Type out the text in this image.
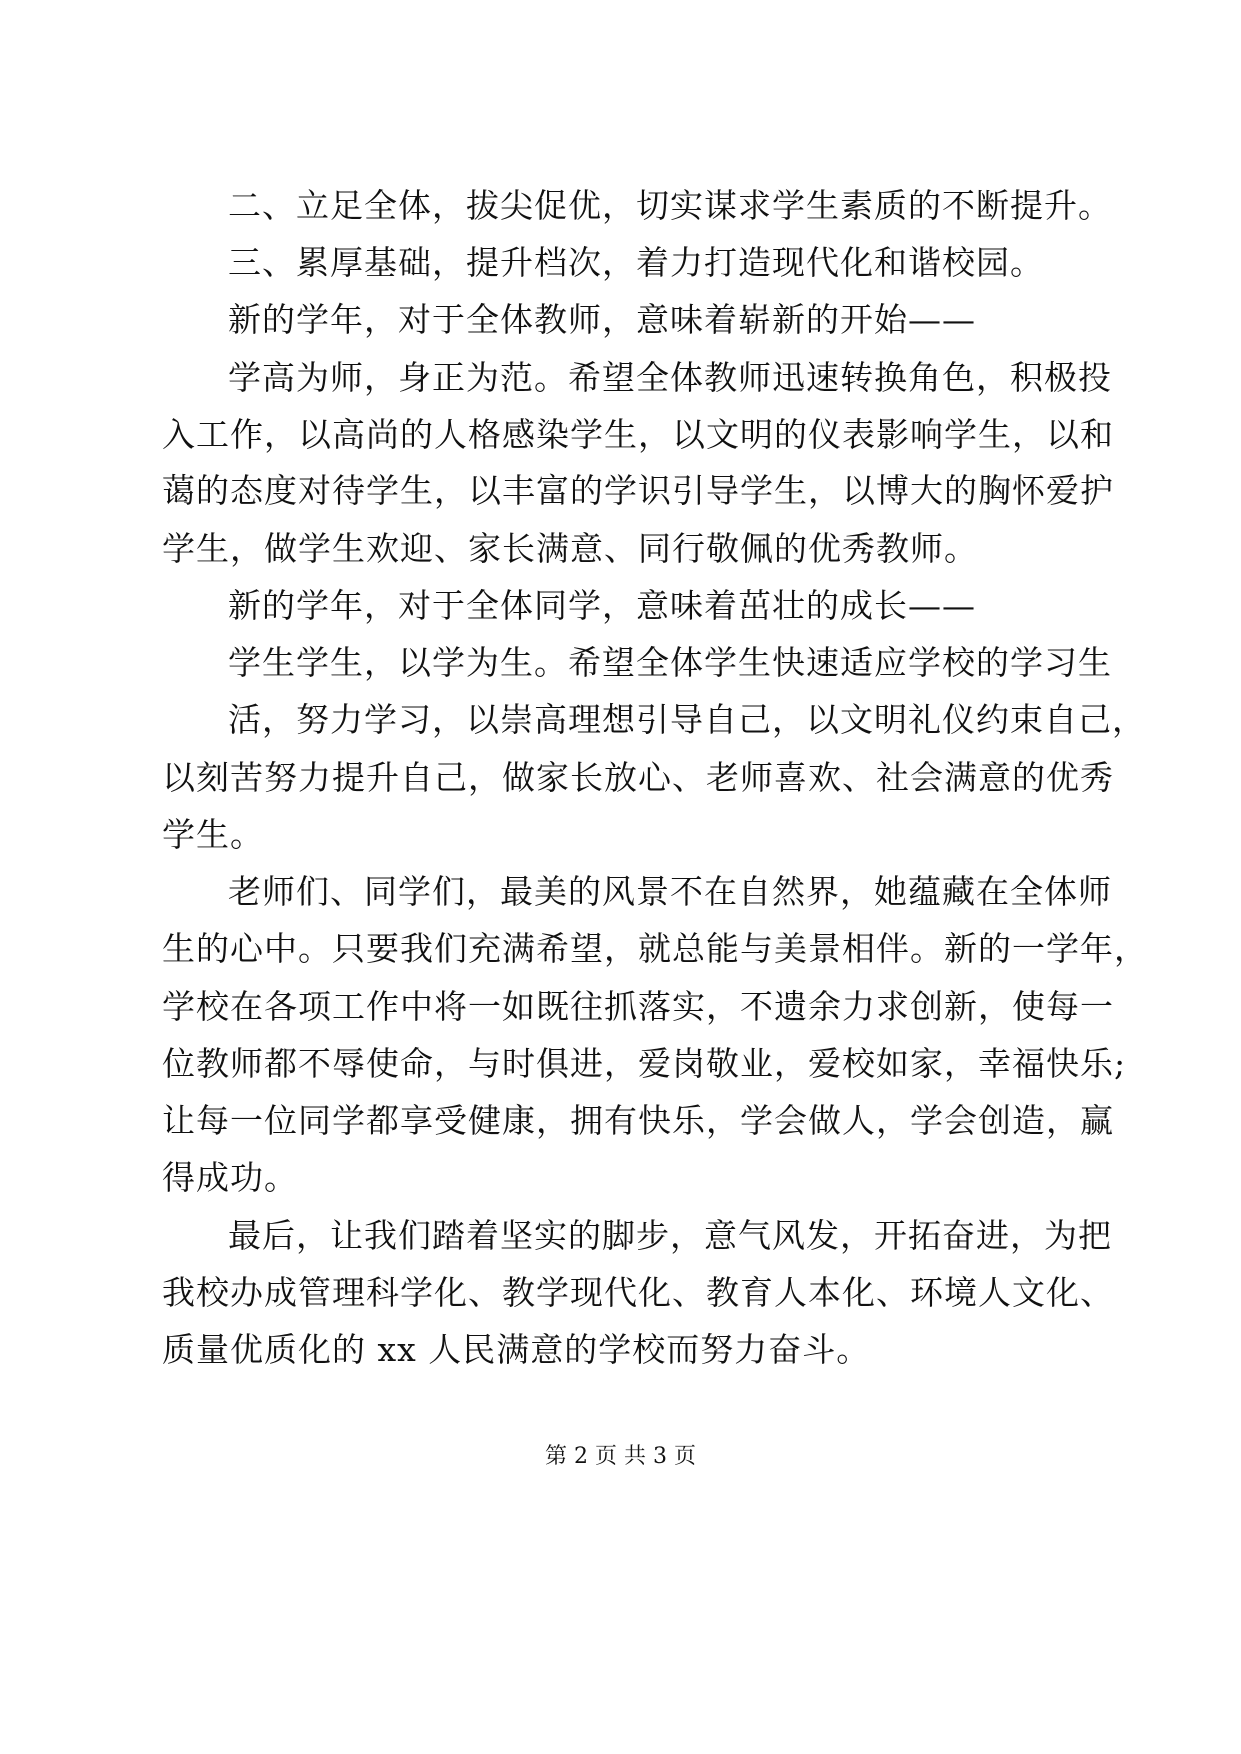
二、立足全体，拔尖促优，切实谋求学生素质的不断提升。
三、累厚基础，提升档次，着力打造现代化和谐校园。
新的学年，对于全体教师，意味着崭新的开始——
学高为师，身正为范。希望全体教师迅速转换角色，积极投
入工作，以高尚的人格感染学生，以文明的仪表影响学生，以和
蔼的态度对待学生，以丰富的学识引导学生，以博大的胸怀爱护
学生，做学生欢迎、家长满意、同行敬佩的优秀教师。
新的学年，对于全体同学，意味着茁壮的成长——
学生学生，以学为生。希望全体学生快速适应学校的学习生
活，努力学习，以崇高理想引导自己，以文明礼仪约束自己，
以刻苦努力提升自己，做家长放心、老师喜欢、社会满意的优秀
学生。
老师们、同学们，最美的风景不在自然界，她蕴藏在全体师
生的心中。只要我们充满希望，就总能与美景相伴。新的一学年，
学校在各项工作中将一如既往抓落实，不遗余力求创新，使每一
位教师都不辱使命，与时俱进，爱岗敬业，爱校如家，幸福快乐;
让每一位同学都享受健康，拥有快乐，学会做人，学会创造，赢
得成功。
最后，让我们踏着坚实的脚步，意气风发，开拓奋进，为把
我校办成管理科学化、教学现代化、教育人本化、环境人文化、
质量优质化的 xx 人民满意的学校而努力奋斗。
第 2 页 共 3 页
